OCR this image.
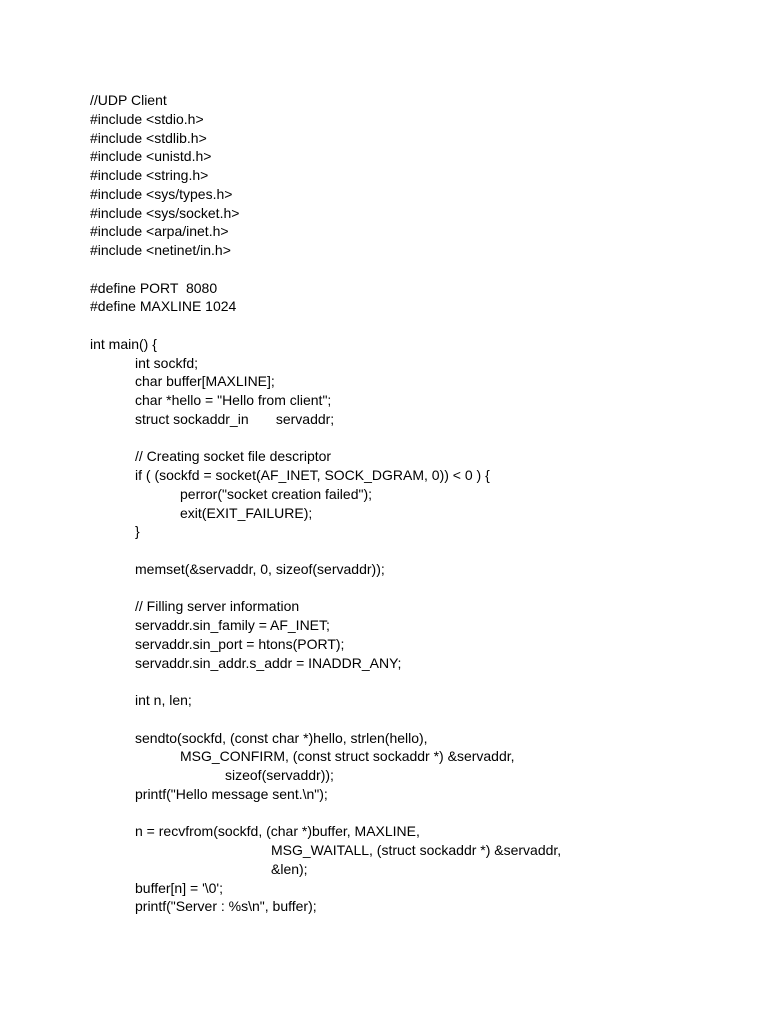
//UDP Client
#include <stdio.h>
#include <stdlib.h>
#include <unistd.h>
#include <string.h>
#include <sys/types.h>
#include <sys/socket.h>
#include <arpa/inet.h>
#include <netinet/in.h>
#define PORT  8080
#define MAXLINE 1024
int main() {
int sockfd;
char buffer[MAXLINE];
char *hello = "Hello from client";
struct sockaddr_in       servaddr;
// Creating socket file descriptor
if ( (sockfd = socket(AF_INET, SOCK_DGRAM, 0)) < 0 ) {
perror("socket creation failed");
exit(EXIT_FAILURE);
}
memset(&servaddr, 0, sizeof(servaddr));
// Filling server information
servaddr.sin_family = AF_INET;
servaddr.sin_port = htons(PORT);
servaddr.sin_addr.s_addr = INADDR_ANY;
int n, len;
sendto(sockfd, (const char *)hello, strlen(hello),
MSG_CONFIRM, (const struct sockaddr *) &servaddr,
sizeof(servaddr));
printf("Hello message sent.\n");
n = recvfrom(sockfd, (char *)buffer, MAXLINE,
MSG_WAITALL, (struct sockaddr *) &servaddr,
&len);
buffer[n] = '\0';
printf("Server : %s\n", buffer);
